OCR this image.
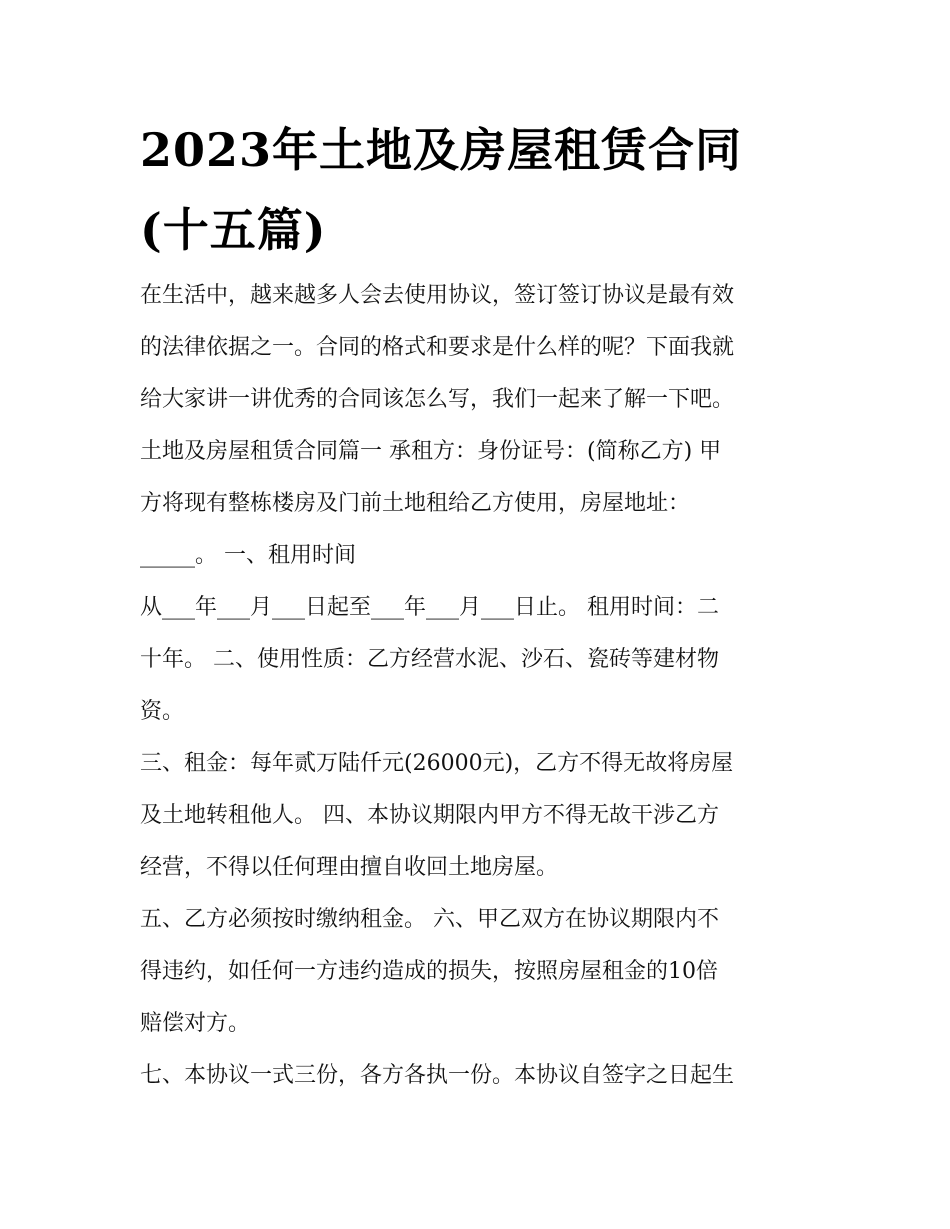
2023年土地及房屋租赁合同
(十五篇)
在生活中，越来越多人会去使用协议，签订签订协议是最有效
的法律依据之一。合同的格式和要求是什么样的呢？下面我就
给大家讲一讲优秀的合同该怎么写，我们一起来了解一下吧。
土地及房屋租赁合同篇一 承租方：身份证号：(简称乙方) 甲
方将现有整栋楼房及门前土地租给乙方使用，房屋地址：
_____。 一、租用时间
从___年___月___日起至___年___月___日止。 租用时间：二
十年。 二、使用性质：乙方经营水泥、沙石、瓷砖等建材物
资。
三、租金：每年贰万陆仟元(26000元)，乙方不得无故将房屋
及土地转租他人。 四、本协议期限内甲方不得无故干涉乙方
经营，不得以任何理由擅自收回土地房屋。
五、乙方必须按时缴纳租金。 六、甲乙双方在协议期限内不
得违约，如任何一方违约造成的损失，按照房屋租金的10倍
赔偿对方。
七、本协议一式三份，各方各执一份。本协议自签字之日起生
